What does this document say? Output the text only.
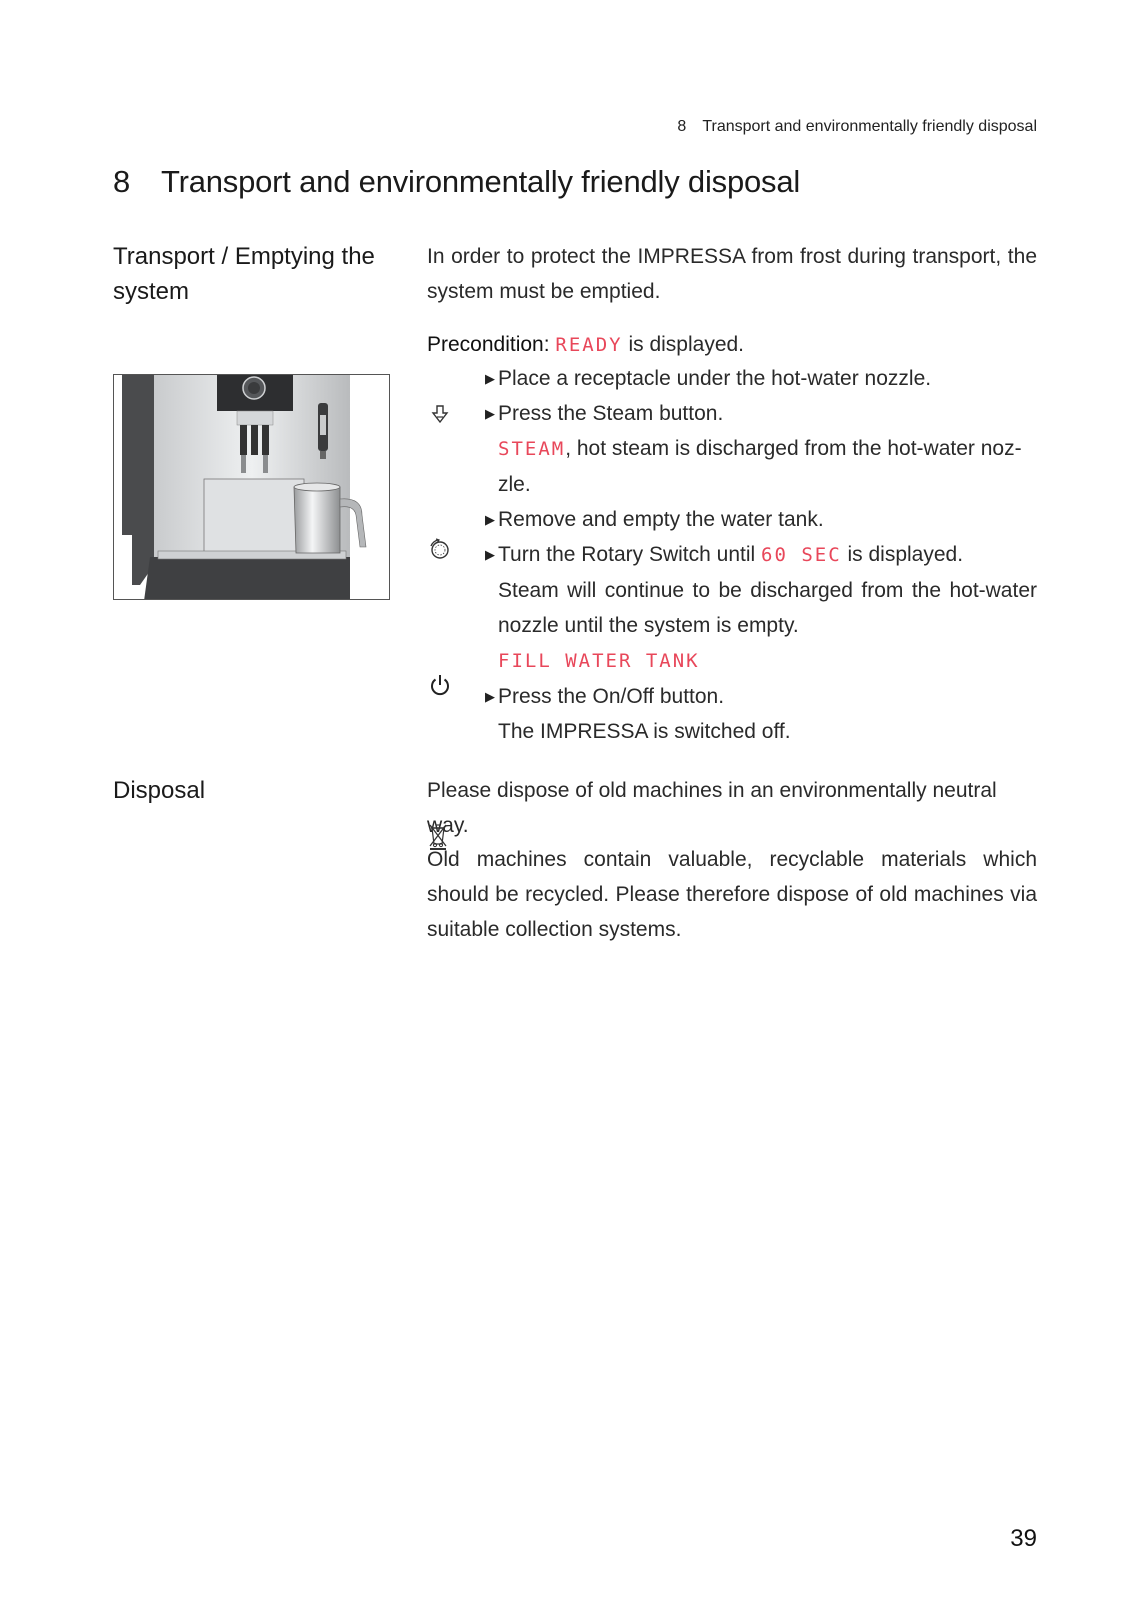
8 Transport and environmentally friendly disposal
8 Transport and environmentally friendly disposal
Transport / Emptying the system
In order to protect the IMPRESSA from frost during transport, the system must be emptied.
Precondition: READY is displayed.
▶ Place a receptacle under the hot-water nozzle.
▶ Press the Steam button.
STEAM, hot steam is discharged from the hot-water noz-
zle.
▶ Remove and empty the water tank.
▶ Turn the Rotary Switch until 60 SEC is displayed.
Steam will continue to be discharged from the hot-water nozzle until the system is empty.
FILL WATER TANK
▶ Press the On/Off button.
The IMPRESSA is switched off.
Disposal	Please dispose of old machines in an environmentally neutral way.
Old machines contain valuable, recyclable materials which should be recycled. Please therefore dispose of old machines via suitable collection systems.
39
